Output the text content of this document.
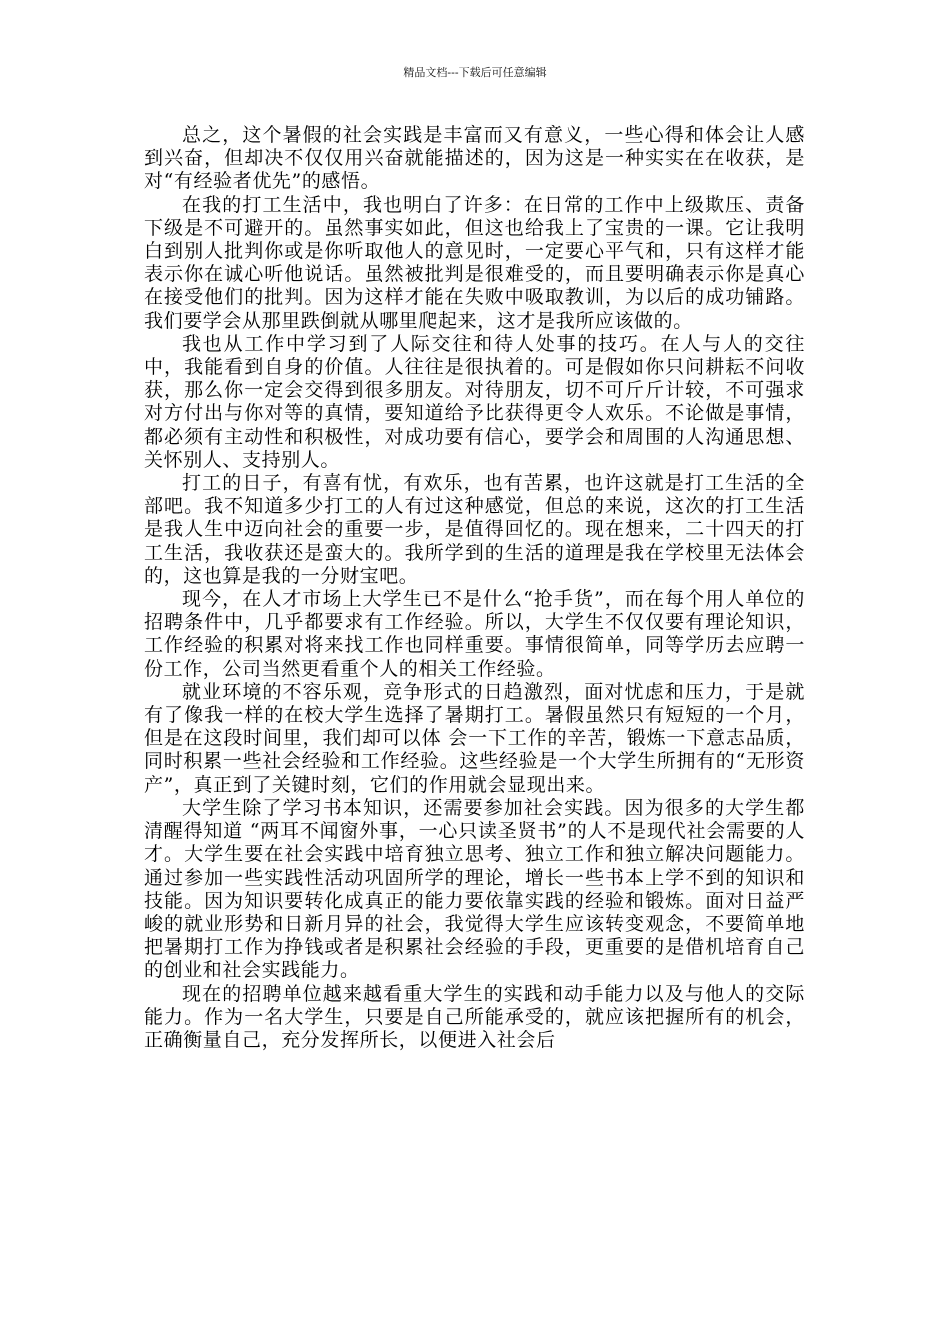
精品文档---下载后可任意编辑

总之，这个暑假的社会实践是丰富而又有意义，一些心得和体会让人感到兴奋，但却决不仅仅用兴奋就能描述的，因为这是一种实实在在收获，是对“有经验者优先”的感悟。

在我的打工生活中，我也明白了许多：在日常的工作中上级欺压、责备下级是不可避开的。虽然事实如此，但这也给我上了宝贵的一课。它让我明白到别人批判你或是你听取他人的意见时，一定要心平气和，只有这样才能表示你在诚心听他说话。虽然被批判是很难受的，而且要明确表示你是真心在接受他们的批判。因为这样才能在失败中吸取教训，为以后的成功铺路。我们要学会从那里跌倒就从哪里爬起来，这才是我所应该做的。

我也从工作中学习到了人际交往和待人处事的技巧。在人与人的交往中，我能看到自身的价值。人往往是很执着的。可是假如你只问耕耘不问收获，那么你一定会交得到很多朋友。对待朋友，切不可斤斤计较，不可强求对方付出与你对等的真情，要知道给予比获得更令人欢乐。不论做是事情，都必须有主动性和积极性，对成功要有信心，要学会和周围的人沟通思想、关怀别人、支持别人。

打工的日子，有喜有忧，有欢乐，也有苦累，也许这就是打工生活的全部吧。我不知道多少打工的人有过这种感觉，但总的来说，这次的打工生活是我人生中迈向社会的重要一步，是值得回忆的。现在想来，二十四天的打工生活，我收获还是蛮大的。我所学到的生活的道理是我在学校里无法体会的，这也算是我的一分财宝吧。

现今，在人才市场上大学生已不是什么“抢手货”，而在每个用人单位的招聘条件中，几乎都要求有工作经验。所以，大学生不仅仅要有理论知识，工作经验的积累对将来找工作也同样重要。事情很简单，同等学历去应聘一份工作，公司当然更看重个人的相关工作经验。

就业环境的不容乐观，竞争形式的日趋激烈，面对忧虑和压力，于是就有了像我一样的在校大学生选择了暑期打工。暑假虽然只有短短的一个月，但是在这段时间里，我们却可以体 会一下工作的辛苦，锻炼一下意志品质，同时积累一些社会经验和工作经验。这些经验是一个大学生所拥有的“无形资产”，真正到了关键时刻，它们的作用就会显现出来。

大学生除了学习书本知识，还需要参加社会实践。因为很多的大学生都清醒得知道 “两耳不闻窗外事，一心只读圣贤书”的人不是现代社会需要的人才。大学生要在社会实践中培育独立思考、独立工作和独立解决问题能力。通过参加一些实践性活动巩固所学的理论，增长一些书本上学不到的知识和技能。因为知识要转化成真正的能力要依靠实践的经验和锻炼。面对日益严峻的就业形势和日新月异的社会，我觉得大学生应该转变观念，不要简单地把暑期打工作为挣钱或者是积累社会经验的手段，更重要的是借机培育自己的创业和社会实践能力。

现在的招聘单位越来越看重大学生的实践和动手能力以及与他人的交际能力。作为一名大学生，只要是自己所能承受的，就应该把握所有的机会，正确衡量自己，充分发挥所长，以便进入社会后
